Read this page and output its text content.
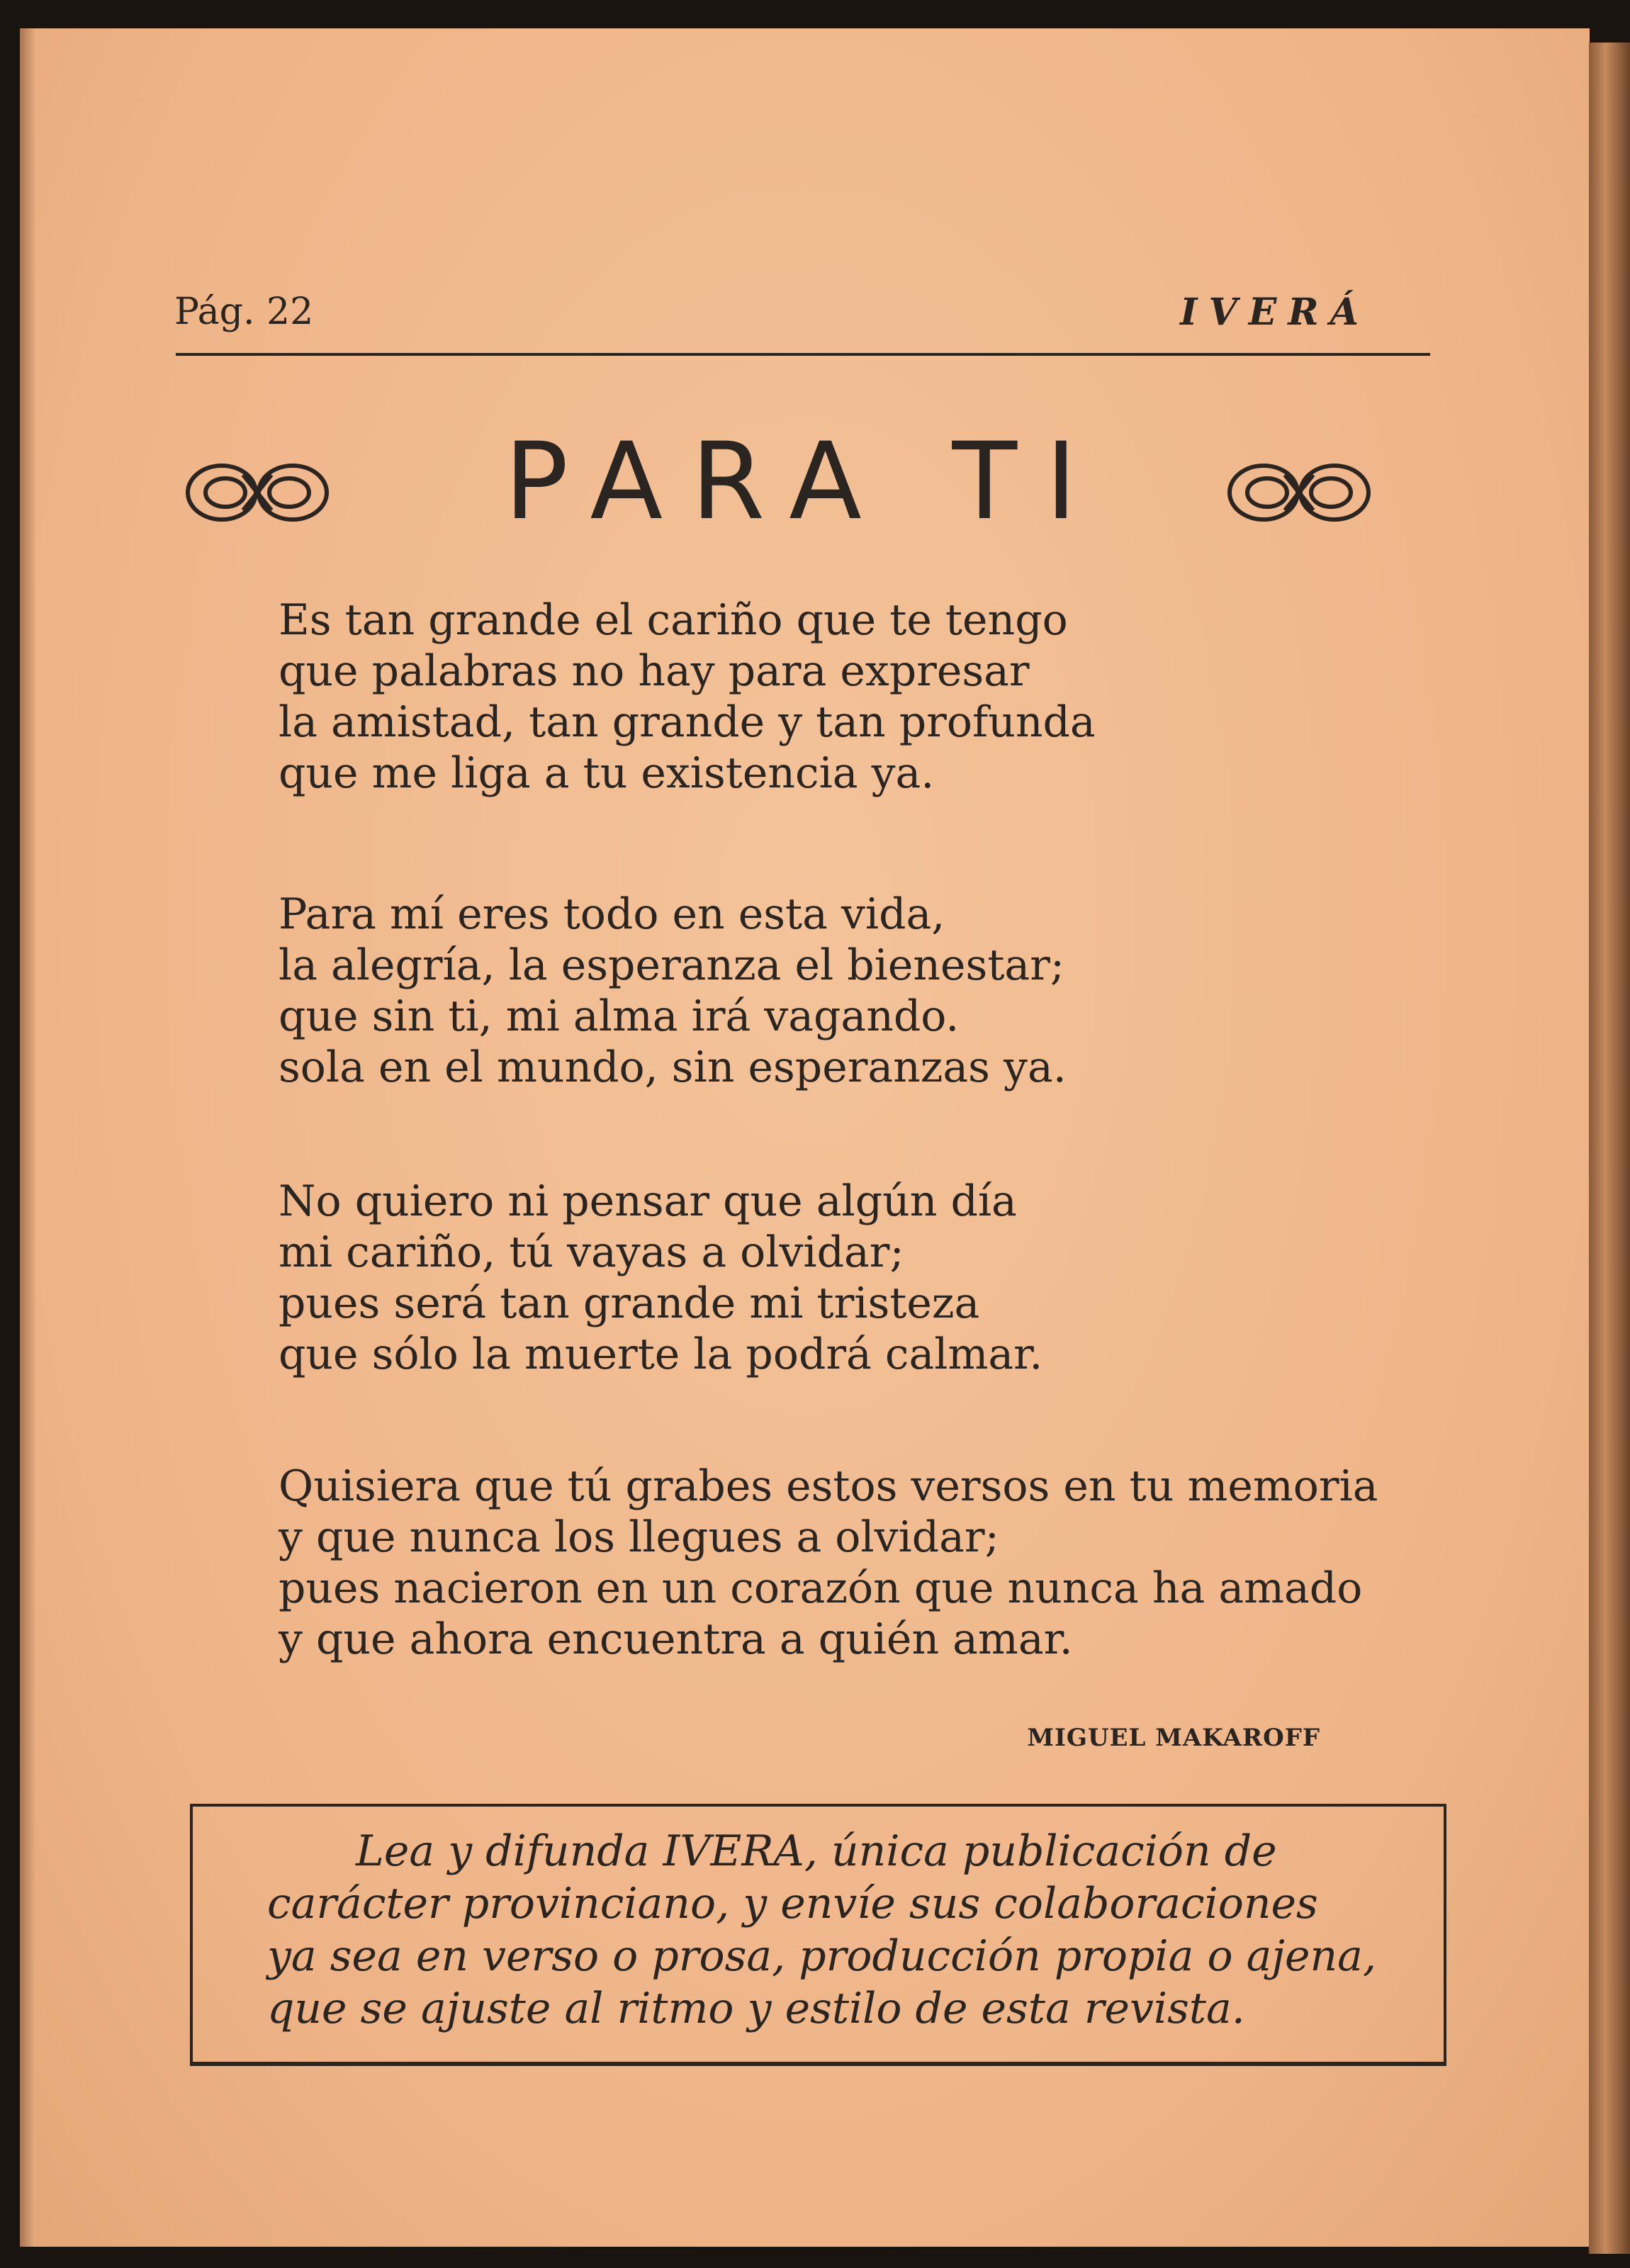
Pág. 22	IVERÁ
PARA TI
Es tan grande el cariño que te tengo
que palabras no hay para expresar
la amistad, tan grande y tan profunda
que me liga a tu existencia ya.
Para mí eres todo en esta vida,
la alegría, la esperanza el bienestar;
que sin ti, mi alma irá vagando.
sola en el mundo, sin esperanzas ya.
No quiero ni pensar que algún día
mi cariño, tú vayas a olvidar;
pues será tan grande mi tristeza
que sólo la muerte la podrá calmar.
Quisiera que tú grabes estos versos en tu memoria
y que nunca los llegues a olvidar;
pues nacieron en un corazón que nunca ha amado
y que ahora encuentra a quién amar.
MIGUEL MAKAROFF
Lea y difunda IVERA, única publicación de
carácter provinciano, y envíe sus colaboraciones
ya sea en verso o prosa, producción propia o ajena,
que se ajuste al ritmo y estilo de esta revista.
